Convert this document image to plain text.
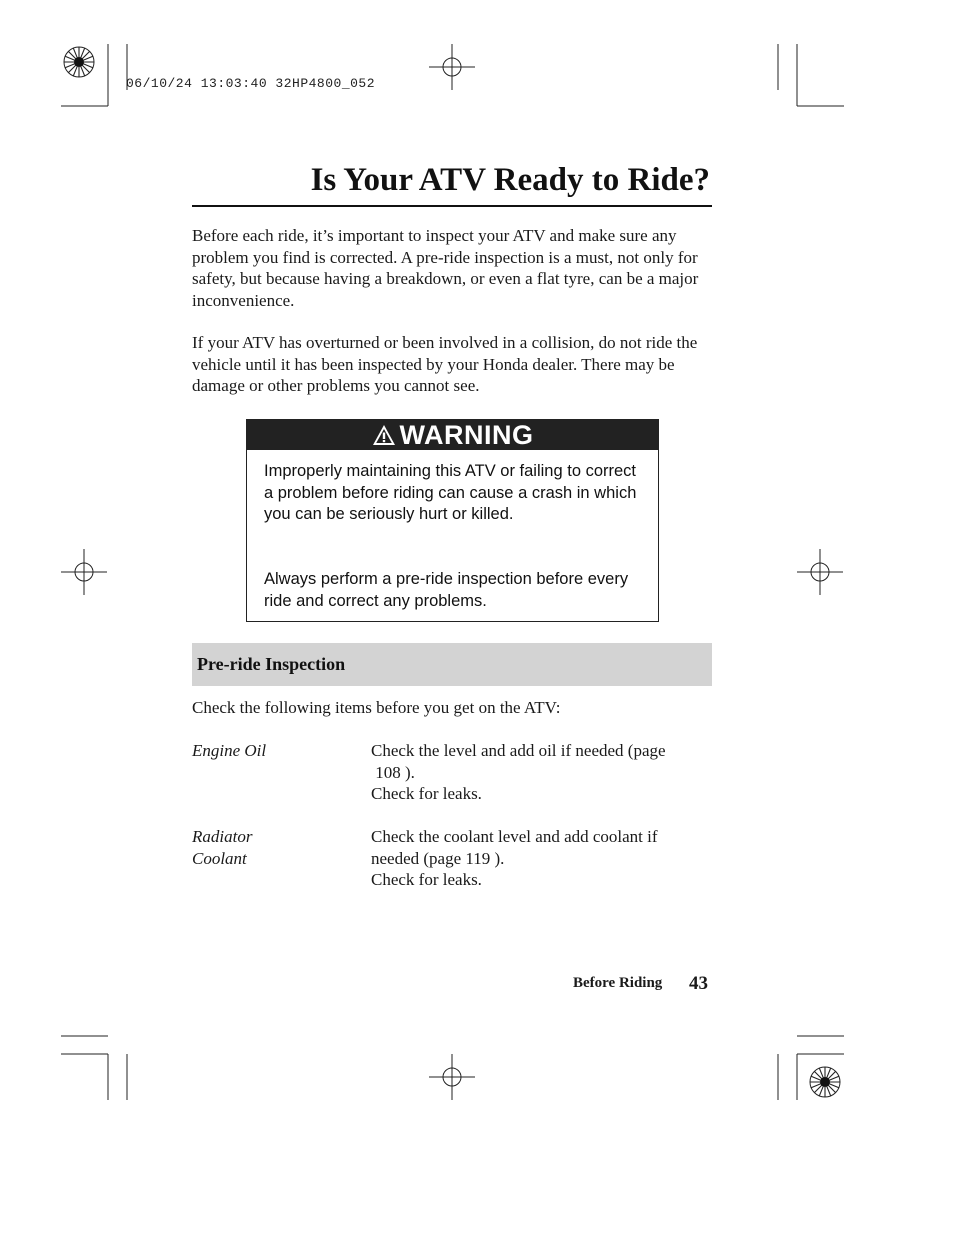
06/10/24 13:03:40 32HP4800_052
Is Your ATV Ready to Ride?

Before each ride, it’s important to inspect your ATV and make sure any problem you find is corrected. A pre-ride inspection is a must, not only for safety, but because having a breakdown, or even a flat tyre, can be a major inconvenience.

If your ATV has overturned or been involved in a collision, do not ride the vehicle until it has been inspected by your Honda dealer. There may be damage or other problems you cannot see.

WARNING

Improperly maintaining this ATV or failing to correct a problem before riding can cause a crash in which you can be seriously hurt or killed.

Always perform a pre-ride inspection before every ride and correct any problems.

Pre-ride Inspection

Check the following items before you get on the ATV:

Engine Oil	Check the level and add oil if needed (page
108 ).
Check for leaks.

Radiator
Coolant

Check the coolant level and add coolant if
needed (page 119 ).
Check for leaks.

Before Riding 43
